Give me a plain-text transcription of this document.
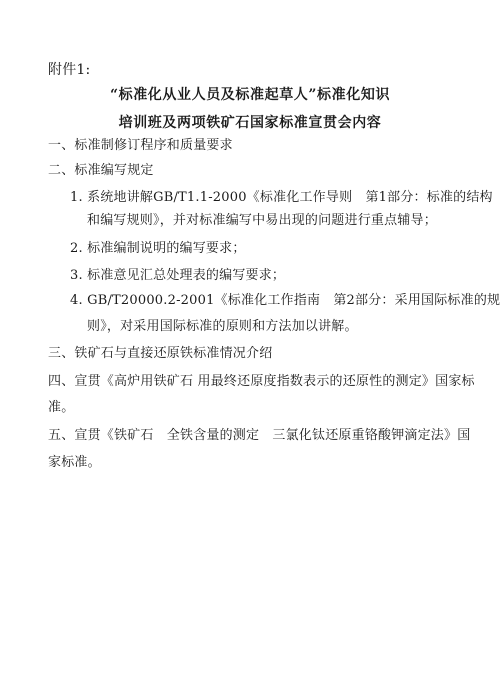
附件1:
“标准化从业人员及标准起草人”标准化知识
培训班及两项铁矿石国家标准宣贯会内容
一、标准制修订程序和质量要求
二、标准编写规定
1. 系统地讲解GB/T1.1-2000《标准化工作导则　第1部分：标准的结构
和编写规则》，并对标准编写中易出现的问题进行重点辅导；
2. 标准编制说明的编写要求；
3. 标准意见汇总处理表的编写要求；
4. GB/T20000.2-2001《标准化工作指南　第2部分：采用国际标准的规
则》，对采用国际标准的原则和方法加以讲解。
三、铁矿石与直接还原铁标准情况介绍
四、宣贯《高炉用铁矿石 用最终还原度指数表示的还原性的测定》国家标
准。
五、宣贯《铁矿石　全铁含量的测定　三氯化钛还原重铬酸钾滴定法》国
家标准。
